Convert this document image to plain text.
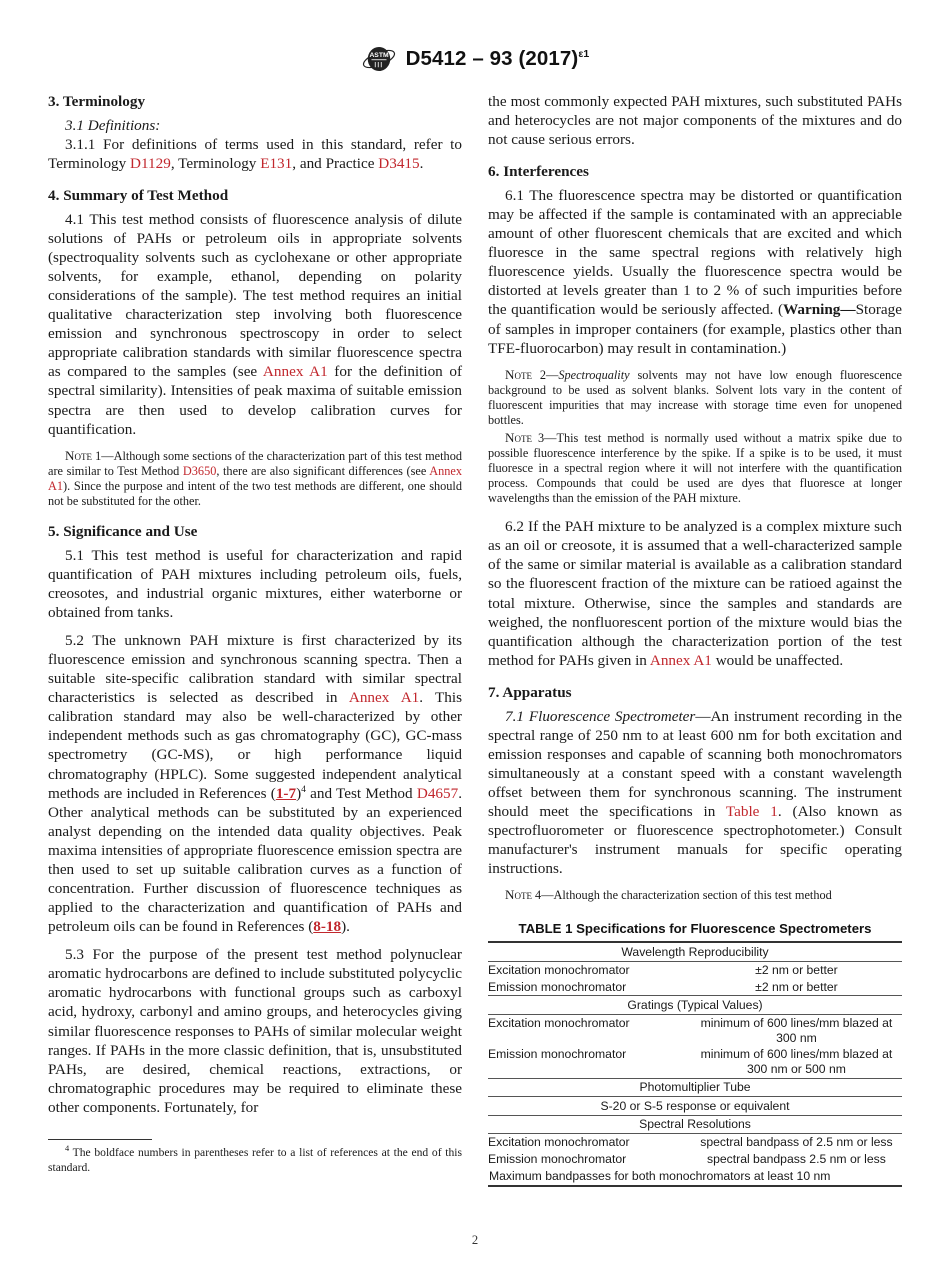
ASTM D5412 – 93 $(2017)^{\varepsilon 1}$
3. Terminology

3.1 Definitions:

3.1.1 For definitions of terms used in this standard, refer to Terminology D1129, Terminology E131, and Practice D3415.

4. Summary of Test Method

4.1 This test method consists of fluorescence analysis of dilute solutions of PAHs or petroleum oils in appropriate solvents (spectroquality solvents such as cyclohexane or other appropriate solvents, for example, ethanol, depending on polarity considerations of the sample). The test method requires an initial qualitative characterization step involving both fluorescence emission and synchronous spectroscopy in order to select appropriate calibration standards with similar fluorescence spectra as compared to the samples (see Annex A1 for the definition of spectral similarity). Intensities of peak maxima of suitable emission spectra are then used to develop calibration curves for quantification.

Note 1—Although some sections of the characterization part of this test method are similar to Test Method D3650, there are also significant differences (see Annex A1). Since the purpose and intent of the two test methods are different, one should not be substituted for the other.

5. Significance and Use

5.1 This test method is useful for characterization and rapid quantification of PAH mixtures including petroleum oils, fuels, creosotes, and industrial organic mixtures, either waterborne or obtained from tanks.

5.2 The unknown PAH mixture is first characterized by its fluorescence emission and synchronous scanning spectra. Then a suitable site-specific calibration standard with similar spectral characteristics is selected as described in Annex A1. This calibration standard may also be well-characterized by other independent methods such as gas chromatography (GC), GC-mass spectrometry (GC-MS), or high performance liquid chromatography (HPLC). Some suggested independent analytical methods are included in References (1-7)$^4$ and Test Method D4657. Other analytical methods can be substituted by an experienced analyst depending on the intended data quality objectives. Peak maxima intensities of appropriate fluorescence emission spectra are then used to set up suitable calibration curves as a function of concentration. Further discussion of fluorescence techniques as applied to the characterization and quantification of PAHs and petroleum oils can be found in References (8-18).

5.3 For the purpose of the present test method polynuclear aromatic hydrocarbons are defined to include substituted polycyclic aromatic hydrocarbons with functional groups such as carboxyl acid, hydroxy, carbonyl and amino groups, and heterocycles giving similar fluorescence responses to PAHs of similar molecular weight ranges. If PAHs in the more classic definition, that is, unsubstituted PAHs, are desired, chemical reactions, extractions, or chromatographic procedures may be required to eliminate these other components. Fortunately, for

$^4$ The boldface numbers in parentheses refer to a list of references at the end of this standard.

the most commonly expected PAH mixtures, such substituted PAHs and heterocycles are not major components of the mixtures and do not cause serious errors.

6. Interferences

6.1 The fluorescence spectra may be distorted or quantification may be affected if the sample is contaminated with an appreciable amount of other fluorescent chemicals that are excited and which fluoresce in the same spectral regions with relatively high fluorescence yields. Usually the fluorescence spectra would be distorted at levels greater than 1 to 2 % of such impurities before the quantification would be seriously affected. (Warning—Storage of samples in improper containers (for example, plastics other than TFE-fluorocarbon) may result in contamination.)

Note 2—Spectroquality solvents may not have low enough fluorescence background to be used as solvent blanks. Solvent lots vary in the content of fluorescent impurities that may increase with storage time even for unopened bottles.

Note 3—This test method is normally used without a matrix spike due to possible fluorescence interference by the spike. If a spike is to be used, it must fluoresce in a spectral region where it will not interfere with the quantification process. Compounds that could be used are dyes that fluoresce at longer wavelengths than the emission of the PAH mixture.

6.2 If the PAH mixture to be analyzed is a complex mixture such as an oil or creosote, it is assumed that a well-characterized sample of the same or similar material is available as a calibration standard so the fluorescent fraction of the mixture can be ratioed against the total mixture. Otherwise, since the samples and standards are weighed, the nonfluorescent portion of the mixture would bias the quantification although the characterization portion of the test method for PAHs given in Annex A1 would be unaffected.

7. Apparatus

7.1 Fluorescence Spectrometer—An instrument recording in the spectral range of 250 nm to at least 600 nm for both excitation and emission responses and capable of scanning both monochromators simultaneously at a constant speed with a constant wavelength offset between them for synchronous scanning. The instrument should meet the specifications in Table 1. (Also known as spectrofluorometer or fluorescence spectrophotometer.) Consult manufacturer's instrument manuals for specific operating instructions.

Note 4—Although the characterization section of this test method

TABLE 1 Specifications for Fluorescence Spectrometers
Wavelength Reproducibility	
Excitation monochromator	±2 nm or better
Emission monochromator	±2 nm or better
Gratings (Typical Values)	
Excitation monochromator	minimum of 600 lines/mm blazed at 300 nm
Emission monochromator	minimum of 600 lines/mm blazed at 300 nm or 500 nm
Photomultiplier Tube	
S-20 or S-5 response or equivalent	
Spectral Resolutions	
Excitation monochromator	spectral bandpass of 2.5 nm or less
Emission monochromator	spectral bandpass 2.5 nm or less
Maximum bandpasses for both monochromators at least 10 nm	

2
